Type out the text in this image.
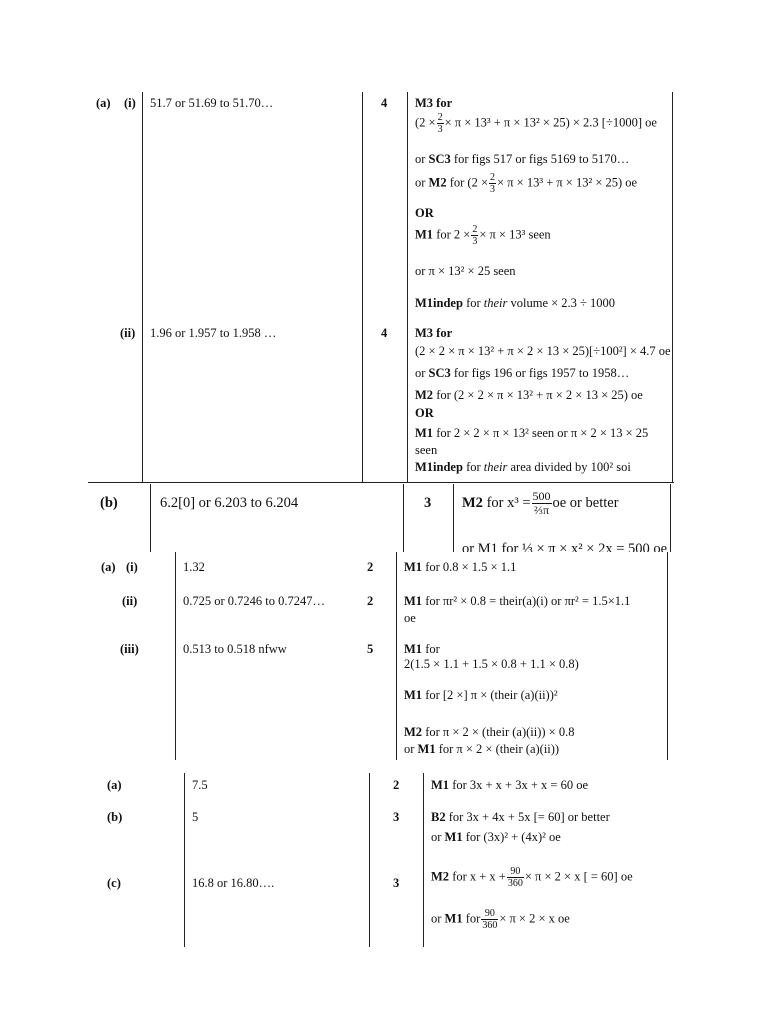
(a) (i) 51.7 or 51.69 to 51.70…	4 M3 for
$(2 \times \frac{2}{3} \times \pi \times 13^3 + \pi \times 13^2 \times 25) \times 2.3$ [÷1000] oe
or SC3 for figs 517 or figs 5169 to 5170…
or M2 for $(2 \times \frac{2}{3} \times \pi \times 13^3 + \pi \times 13^2 \times 25)$ oe
OR
M1 for $2 \times \frac{2}{3} \times \pi \times 13^3$ seen
or π × 13² × 25 seen
M1indep for their volume × 2.3 ÷ 1000
(ii) 1.96 or 1.957 to 1.958 …	4 M3 for
(2 × 2 × π × 13² + π × 2 × 13 × 25)[÷100²] × 4.7 oe
or SC3 for figs 196 or figs 1957 to 1958…
M2 for (2 × 2 × π × 13² + π × 2 × 13 × 25) oe
OR
M1 for 2 × 2 × π × 13² seen or π × 2 × 13 × 25
seen
M1indep for their area divided by 100² soi
(b)	6.2[0] or 6.203 to 6.204	3 M2 for $x^3 = \frac{500}{\text{⅔π}}$ oe or better
or M1 for ⅓ × π × x² × 2x = 500 oe
(a) (i)	1.32	2 M1 for 0.8 × 1.5 × 1.1
(ii)	0.725 or 0.7246 to 0.7247…	2 M1 for πr² × 0.8 = their(a)(i) or πr² = 1.5×1.1
oe
(iii)	0.513 to 0.518 nfww	5 M1 for
2(1.5 × 1.1 + 1.5 × 0.8 + 1.1 × 0.8)
M1 for [2 ×] π × (their (a)(ii))²
M2 for π × 2 × (their (a)(ii)) × 0.8
or M1 for π × 2 × (their (a)(ii))
(a)	7.5	2	M1 for 3x + x + 3x + x = 60 oe
(b)	5	3	B2 for 3x + 4x + 5x [= 60] or better
or M1 for (3x)² + (4x)² oe
(c)	16.8 or 16.80….	3	M2 for $x + x + \frac{90}{360} \times \pi \times 2 \times x$ [ = 60] oe
or M1 for $\frac{90}{360} \times \pi \times 2 \times x$ oe
